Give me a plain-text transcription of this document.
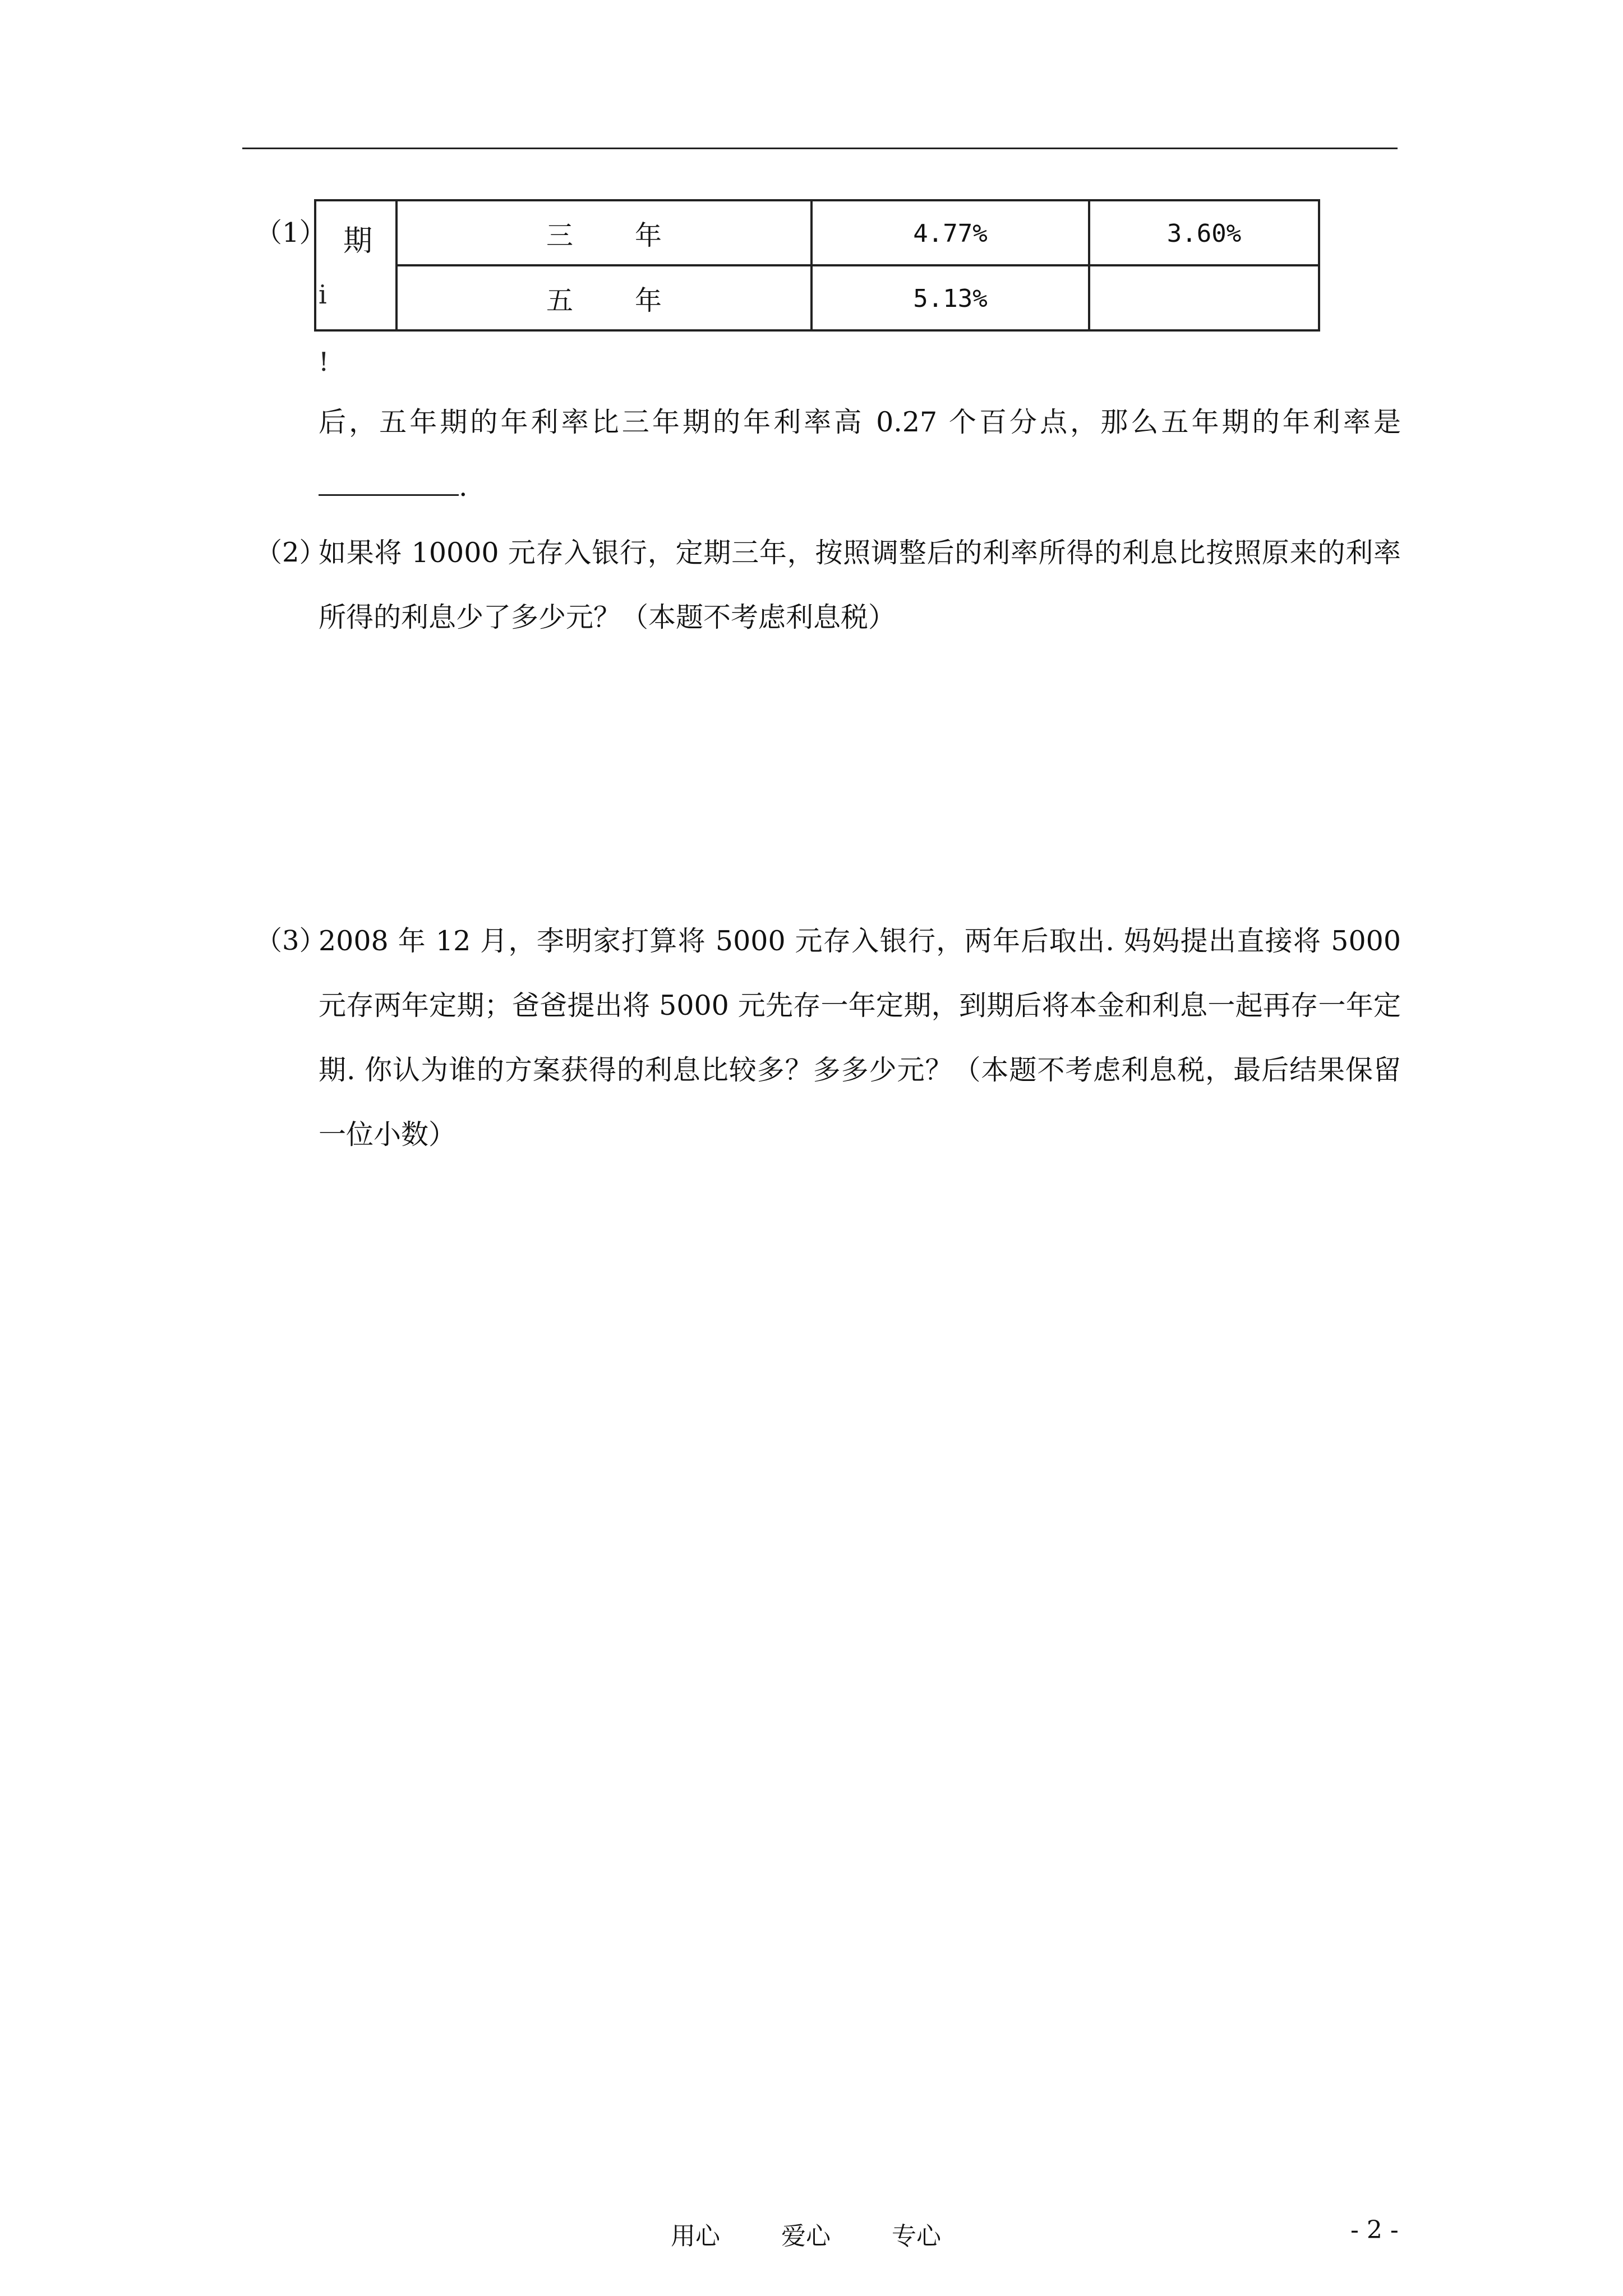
（1） 期	三 年	4.77%	3.60%
	五 年	5.13%	
i
!
后，五年期的年利率比三年期的年利率高 0.27 个百分点，那么五年期的年利率是.
（2）
如果将 10000 元存入银行，定期三年，按照调整后的利率所得的利息比按照原来的利率所得的利息少了多少元？（本题不考虑利息税）
（3）
2008 年 12 月，李明家打算将 5000 元存入银行，两年后取出. 妈妈提出直接将 5000 元存两年定期；爸爸提出将 5000 元先存一年定期，到期后将本金和利息一起再存一年定期. 你认为谁的方案获得的利息比较多？多多少元？（本题不考虑利息税，最后结果保留一位小数）
用心 爱心 专心	- 2 -
